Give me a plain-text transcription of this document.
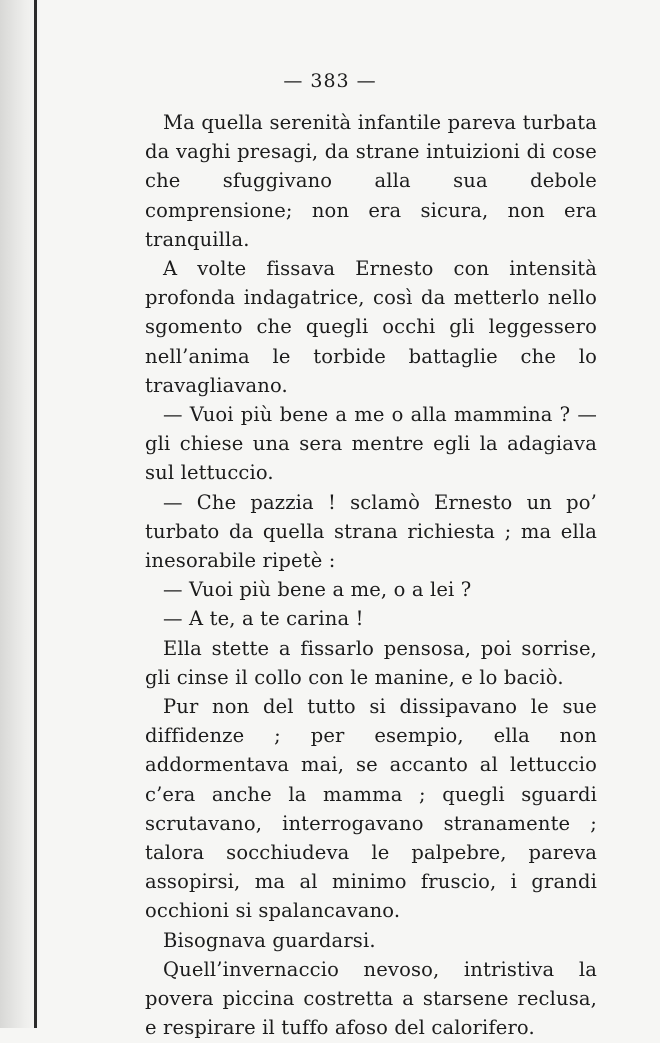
— 383 —

Ma quella serenità infantile pareva turbata da vaghi presagi, da strane intuizioni di cose che sfuggivano alla sua debole comprensione; non era sicura, non era tranquilla.

A volte fissava Ernesto con intensità profonda indagatrice, così da metterlo nello sgomento che quegli occhi gli leggessero nell’anima le torbide battaglie che lo travagliavano.

— Vuoi più bene a me o alla mammina ? — gli chiese una sera mentre egli la adagiava sul lettuccio.

— Che pazzia ! sclamò Ernesto un po’ turbato da quella strana richiesta ; ma ella inesorabile ripetè :

— Vuoi più bene a me, o a lei ?

— A te, a te carina !

Ella stette a fissarlo pensosa, poi sorrise, gli cinse il collo con le manine, e lo baciò.

Pur non del tutto si dissipavano le sue diffidenze ; per esempio, ella non addormentava mai, se accanto al lettuccio c’era anche la mamma ; quegli sguardi scrutavano, interrogavano stranamente ; talora socchiudeva le palpebre, pareva assopirsi, ma al minimo fruscio, i grandi occhioni si spalancavano.

Bisognava guardarsi.

Quell’invernaccio nevoso, intristiva la povera piccina costretta a starsene reclusa, e respirare il tuffo afoso del calorifero.
